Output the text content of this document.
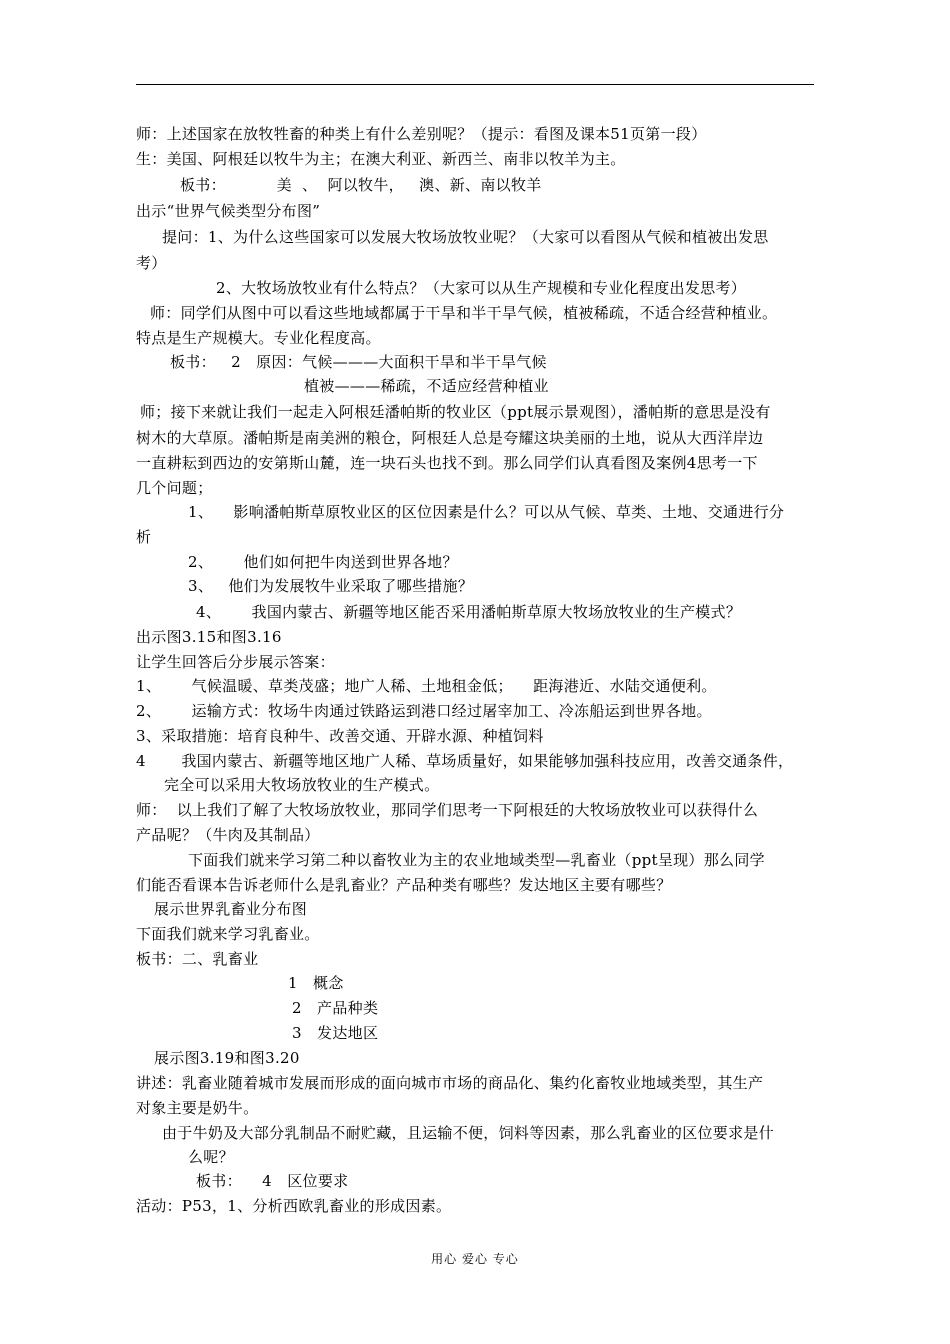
师：上述国家在放牧牲畜的种类上有什么差别呢？（提示：看图及课本51页第一段）
生：美国、阿根廷以牧牛为主；在澳大利亚、新西兰、南非以牧羊为主。
板书：          美  、  阿以牧牛，   澳、新、南以牧羊
出示“世界气候类型分布图”
提问：1、为什么这些国家可以发展大牧场放牧业呢？（大家可以看图从气候和植被出发思
考）
2、大牧场放牧业有什么特点？（大家可以从生产规模和专业化程度出发思考）
师：同学们从图中可以看这些地域都属于干旱和半干旱气候，植被稀疏，不适合经营种植业。
特点是生产规模大。专业化程度高。
板书：   2   原因：气候———大面积干旱和半干旱气候
植被———稀疏，不适应经营种植业
师；接下来就让我们一起走入阿根廷潘帕斯的牧业区（ppt展示景观图），潘帕斯的意思是没有
树木的大草原。潘帕斯是南美洲的粮仓，阿根廷人总是夸耀这块美丽的土地，说从大西洋岸边
一直耕耘到西边的安第斯山麓，连一块石头也找不到。那么同学们认真看图及案例4思考一下
几个问题；
1、    影响潘帕斯草原牧业区的区位因素是什么？可以从气候、草类、土地、交通进行分
析
2、      他们如何把牛肉送到世界各地？
3、   他们为发展牧牛业采取了哪些措施？
4、      我国内蒙古、新疆等地区能否采用潘帕斯草原大牧场放牧业的生产模式？
出示图3.15和图3.16
让学生回答后分步展示答案：
1、      气候温暖、草类茂盛；地广人稀、土地租金低；    距海港近、水陆交通便利。
2、      运输方式：牧场牛肉通过铁路运到港口经过屠宰加工、冷冻船运到世界各地。
3、采取措施：培育良种牛、改善交通、开辟水源、种植饲料
4       我国内蒙古、新疆等地区地广人稀、草场质量好，如果能够加强科技应用，改善交通条件，
完全可以采用大牧场放牧业的生产模式。
师：  以上我们了解了大牧场放牧业，那同学们思考一下阿根廷的大牧场放牧业可以获得什么
产品呢？（牛肉及其制品）
下面我们就来学习第二种以畜牧业为主的农业地域类型—乳畜业（ppt呈现）那么同学
们能否看课本告诉老师什么是乳畜业？产品种类有哪些？发达地区主要有哪些？
展示世界乳畜业分布图
下面我们就来学习乳畜业。
板书：二、乳畜业
1   概念
2   产品种类
3   发达地区
展示图3.19和图3.20
讲述：乳畜业随着城市发展而形成的面向城市市场的商品化、集约化畜牧业地域类型，其生产
对象主要是奶牛。
由于牛奶及大部分乳制品不耐贮藏，且运输不便，饲料等因素，那么乳畜业的区位要求是什
么呢？
板书：    4   区位要求
活动：P53，1、分析西欧乳畜业的形成因素。
用心 爱心 专心
